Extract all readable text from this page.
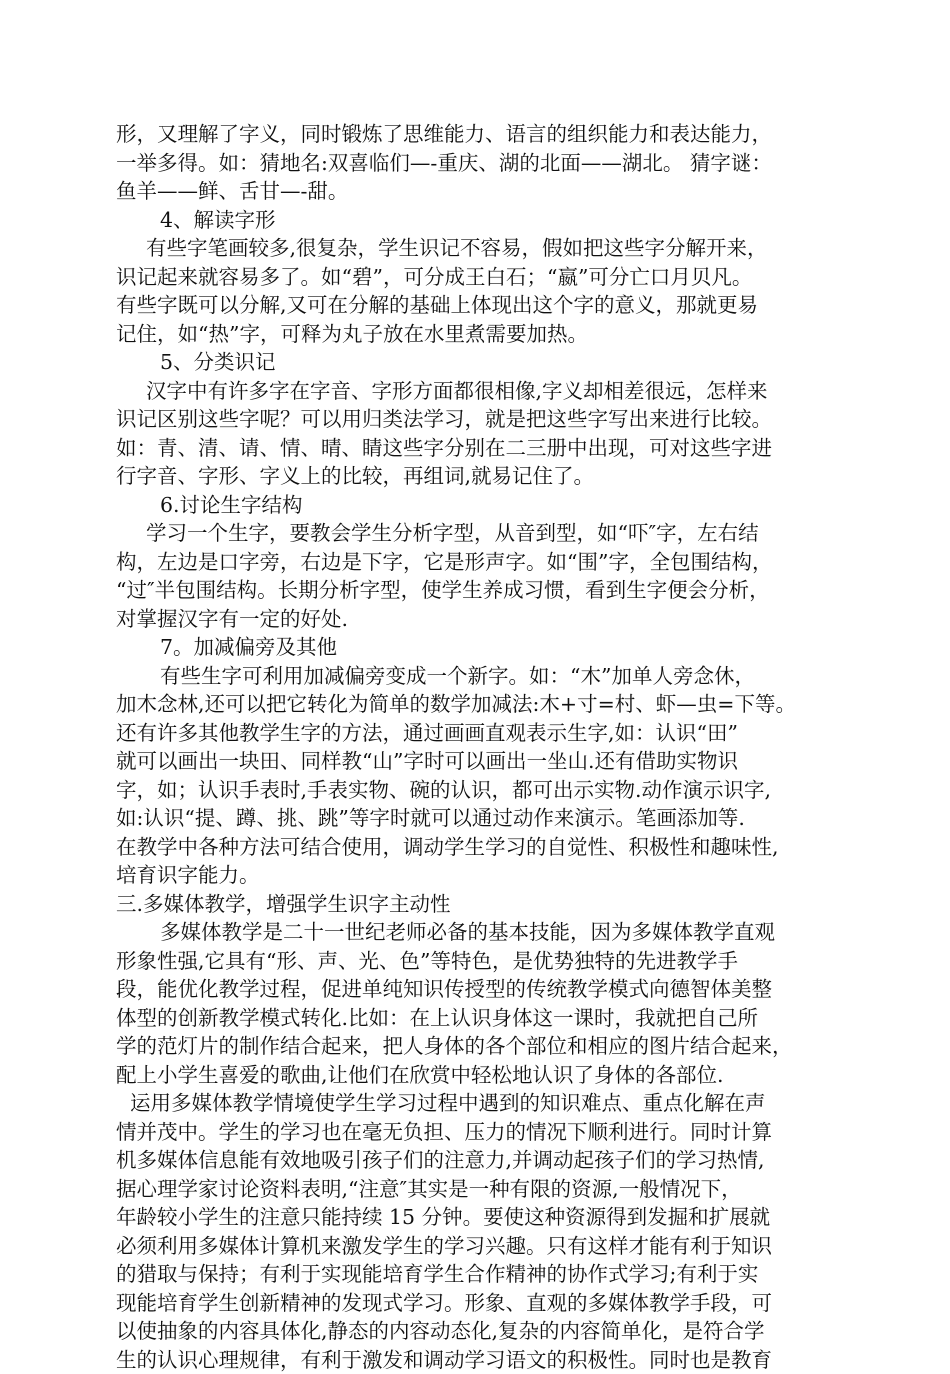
形，又理解了字义，同时锻炼了思维能力、语言的组织能力和表达能力，
一举多得。如：猜地名:双喜临们—-重庆、湖的北面——湖北。 猜字谜：
鱼羊——鲜、舌甘—-甜。
4、解读字形
有些字笔画较多,很复杂，学生识记不容易，假如把这些字分解开来，
识记起来就容易多了。如“碧”，可分成王白石；“嬴”可分亡口月贝凡。
有些字既可以分解,又可在分解的基础上体现出这个字的意义，那就更易
记住，如“热”字，可释为丸子放在水里煮需要加热。
5、分类识记
汉字中有许多字在字音、字形方面都很相像,字义却相差很远，怎样来
识记区别这些字呢？可以用归类法学习，就是把这些字写出来进行比较。
如：青、清、请、情、晴、睛这些字分别在二三册中出现，可对这些字进
行字音、字形、字义上的比较，再组词,就易记住了。
6.讨论生字结构
学习一个生字，要教会学生分析字型，从音到型，如“吓″字，左右结
构，左边是口字旁，右边是下字，它是形声字。如“围”字，全包围结构，
“过″半包围结构。长期分析字型，使学生养成习惯，看到生字便会分析，
对掌握汉字有一定的好处.
7。加减偏旁及其他
有些生字可利用加减偏旁变成一个新字。如：“木”加单人旁念休，
加木念林,还可以把它转化为简单的数学加减法:木+寸=村、虾—虫=下等。
还有许多其他教学生字的方法，通过画画直观表示生字,如：认识“田”
就可以画出一块田、同样教“山”字时可以画出一坐山.还有借助实物识
字，如；认识手表时,手表实物、碗的认识，都可出示实物.动作演示识字,
如:认识“提、蹲、挑、跳”等字时就可以通过动作来演示。笔画添加等.
在教学中各种方法可结合使用，调动学生学习的自觉性、积极性和趣味性,
培育识字能力。
三.多媒体教学，增强学生识字主动性
多媒体教学是二十一世纪老师必备的基本技能，因为多媒体教学直观
形象性强,它具有“形、声、光、色”等特色，是优势独特的先进教学手
段，能优化教学过程，促进单纯知识传授型的传统教学模式向德智体美整
体型的创新教学模式转化.比如：在上认识身体这一课时，我就把自己所
学的范灯片的制作结合起来，把人身体的各个部位和相应的图片结合起来，
配上小学生喜爱的歌曲,让他们在欣赏中轻松地认识了身体的各部位.
运用多媒体教学情境使学生学习过程中遇到的知识难点、重点化解在声
情并茂中。学生的学习也在毫无负担、压力的情况下顺利进行。同时计算
机多媒体信息能有效地吸引孩子们的注意力,并调动起孩子们的学习热情,
据心理学家讨论资料表明,“注意″其实是一种有限的资源,一般情况下，
年龄较小学生的注意只能持续 15 分钟。要使这种资源得到发掘和扩展就
必须利用多媒体计算机来激发学生的学习兴趣。只有这样才能有利于知识
的猎取与保持；有利于实现能培育学生合作精神的协作式学习;有利于实
现能培育学生创新精神的发现式学习。形象、直观的多媒体教学手段，可
以使抽象的内容具体化,静态的内容动态化,复杂的内容简单化，是符合学
生的认识心理规律，有利于激发和调动学习语文的积极性。同时也是教育
